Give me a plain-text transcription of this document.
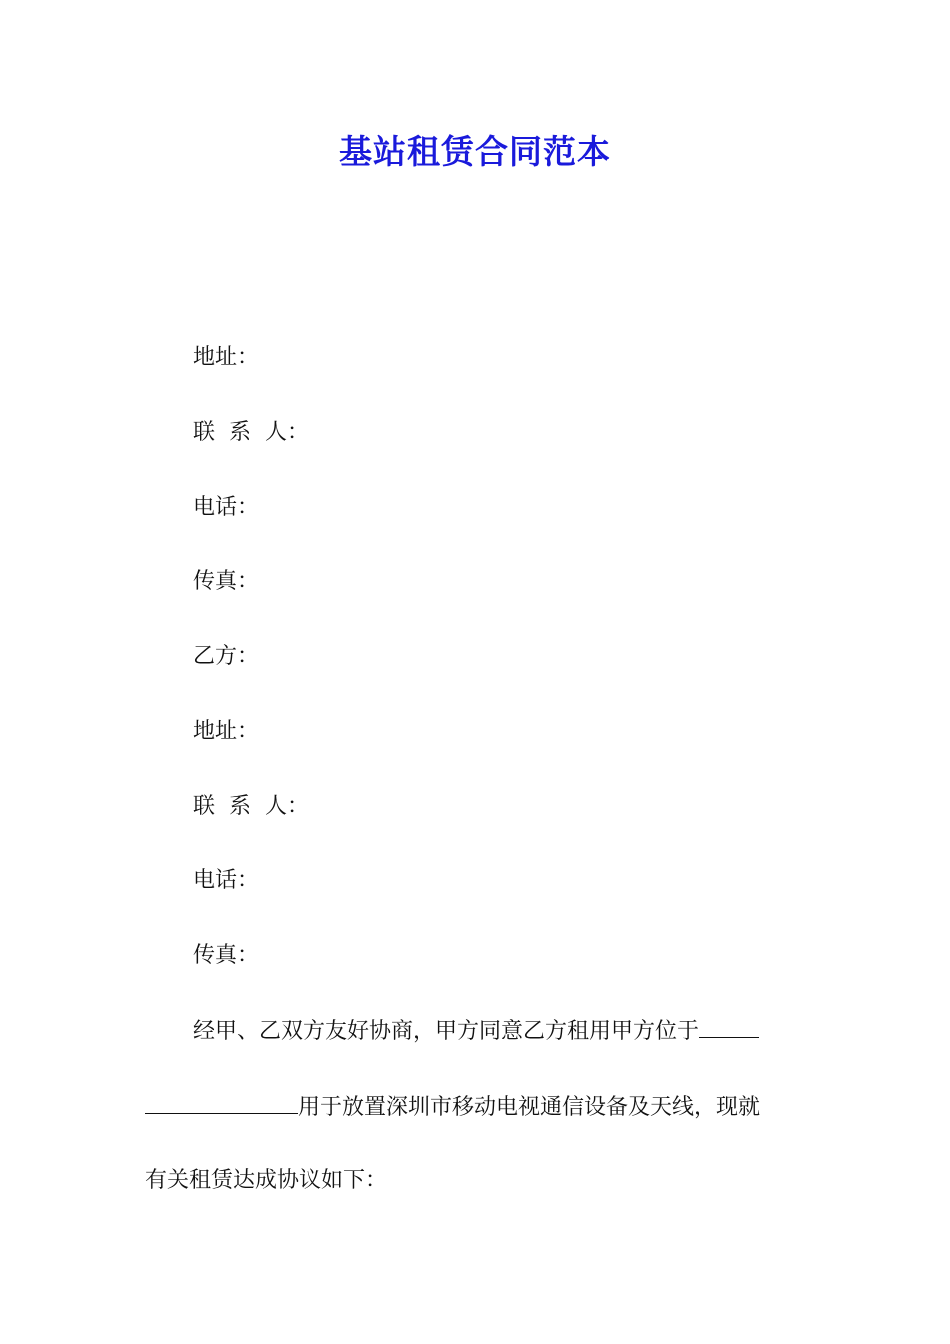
基站租赁合同范本
地址：
联  系  人：
电话：
传真：
乙方：
地址：
联  系  人：
电话：
传真：
经甲、乙双方友好协商，甲方同意乙方租用甲方位于
用于放置深圳市移动电视通信设备及天线，现就
有关租赁达成协议如下：
